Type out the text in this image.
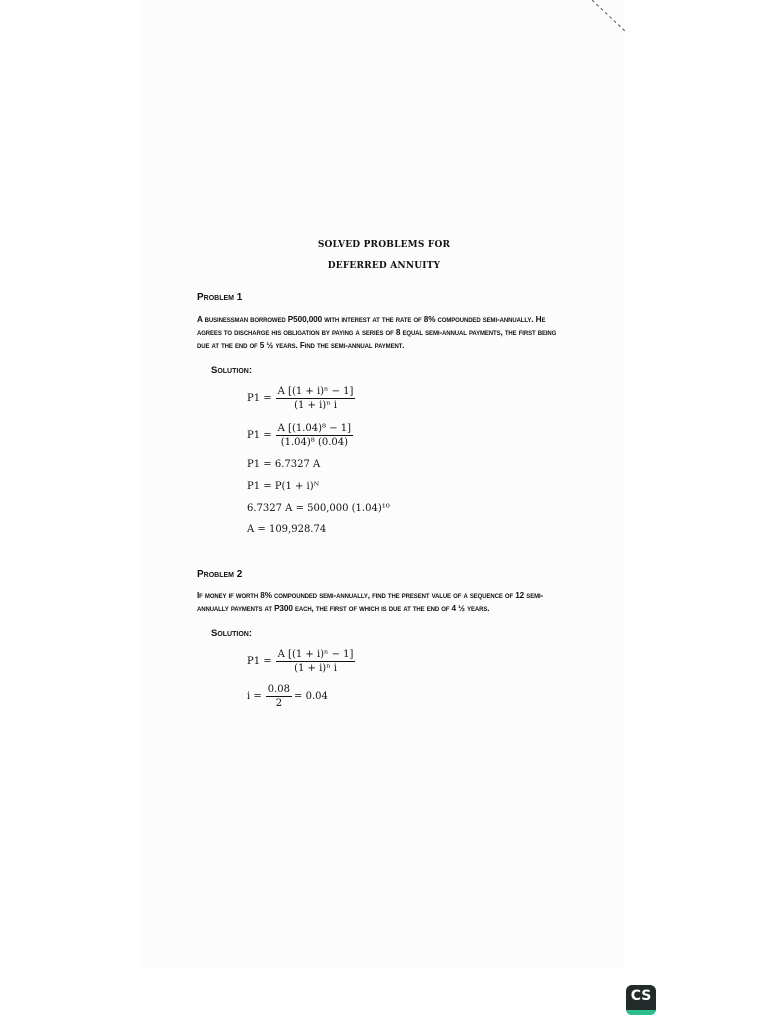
SOLVED PROBLEMS FOR
DEFERRED ANNUITY
Problem 1
A businessman borrowed P500,000 with interest at the rate of 8% compounded semi-annually. He agrees to discharge his obligation by paying a series of 8 equal semi-annual payments, the first being due at the end of 5 ½ years. Find the semi-annual payment.
Solution:
$P1 = \frac{\text{A [(1 + i)ⁿ − 1]}}{\text{(1 + i)ⁿ i}}$
$P1 = \frac{\text{A [(1.04)⁸ − 1]}}{\text{(1.04)⁸ (0.04)}}$
P1 = 6.7327 A
P1 = P(1 + i)ᴺ
6.7327 A = 500,000 (1.04)¹⁰
A = 109,928.74
Problem 2
If money if worth 8% compounded semi-annually, find the present value of a sequence of 12 semi-annually payments at P300 each, the first of which is due at the end of 4 ½ years.
Solution:
$P1 = \frac{\text{A [(1 + i)ⁿ − 1]}}{\text{(1 + i)ⁿ i}}$
$i = \frac{0.08}{2} = 0.04$
CS
